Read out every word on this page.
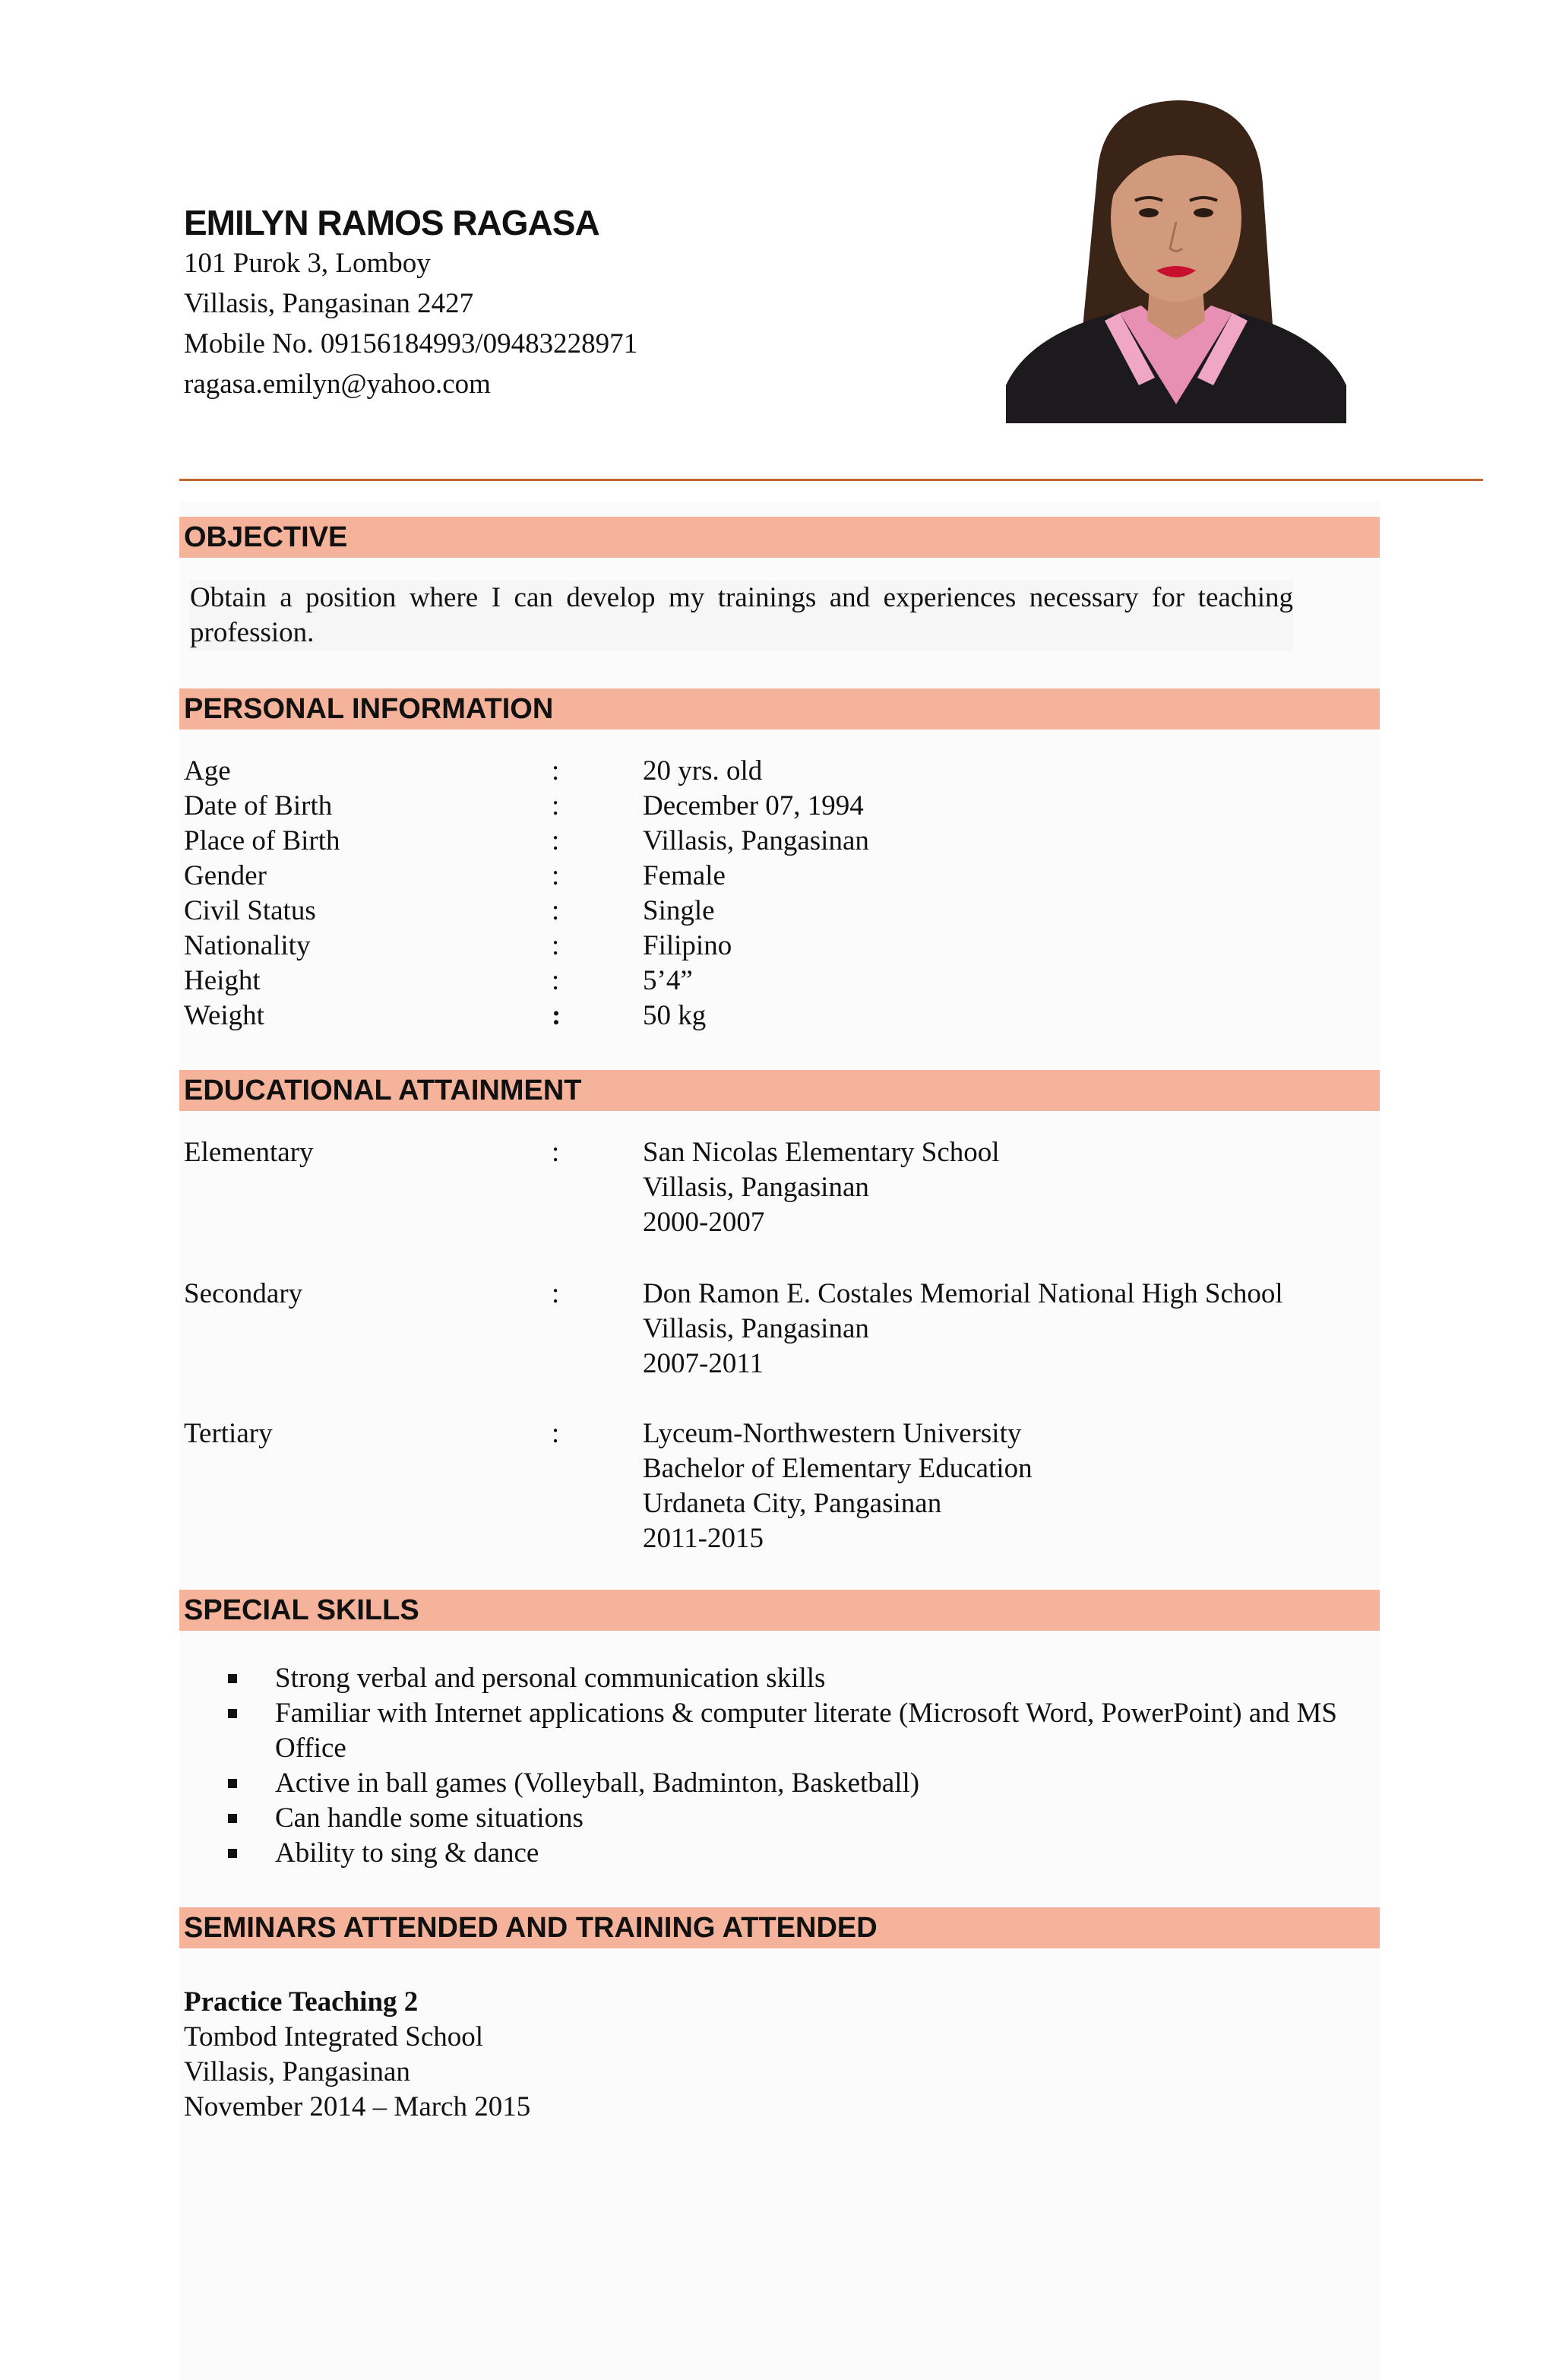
EMILYN RAMOS RAGASA
101 Purok 3, Lomboy
Villasis, Pangasinan 2427
Mobile No. 09156184993/09483228971
ragasa.emilyn@yahoo.com
OBJECTIVE
Obtain a position where I can develop my trainings and experiences necessary for teaching profession.
PERSONAL INFORMATION
Age	:	20 yrs. old
Date of Birth	:	December 07, 1994
Place of Birth	:	Villasis, Pangasinan
Gender	:	Female
Civil Status	:	Single
Nationality	:	Filipino
Height	:	5’4”
Weight	:	50 kg
EDUCATIONAL ATTAINMENT
Elementary	:	San Nicolas Elementary School
Villasis, Pangasinan
2000-2007
Secondary	:	Don Ramon E. Costales Memorial National High School
Villasis, Pangasinan
2007-2011
Tertiary	:	Lyceum-Northwestern University
Bachelor of Elementary Education
Urdaneta City, Pangasinan
2011-2015
SPECIAL SKILLS
Strong verbal and personal communication skills
Familiar with Internet applications & computer literate (Microsoft Word, PowerPoint) and MS Office
Active in ball games (Volleyball, Badminton, Basketball)
Can handle some situations
Ability to sing & dance
SEMINARS ATTENDED AND TRAINING ATTENDED
Practice Teaching 2
Tombod Integrated School
Villasis, Pangasinan
November 2014 – March 2015
